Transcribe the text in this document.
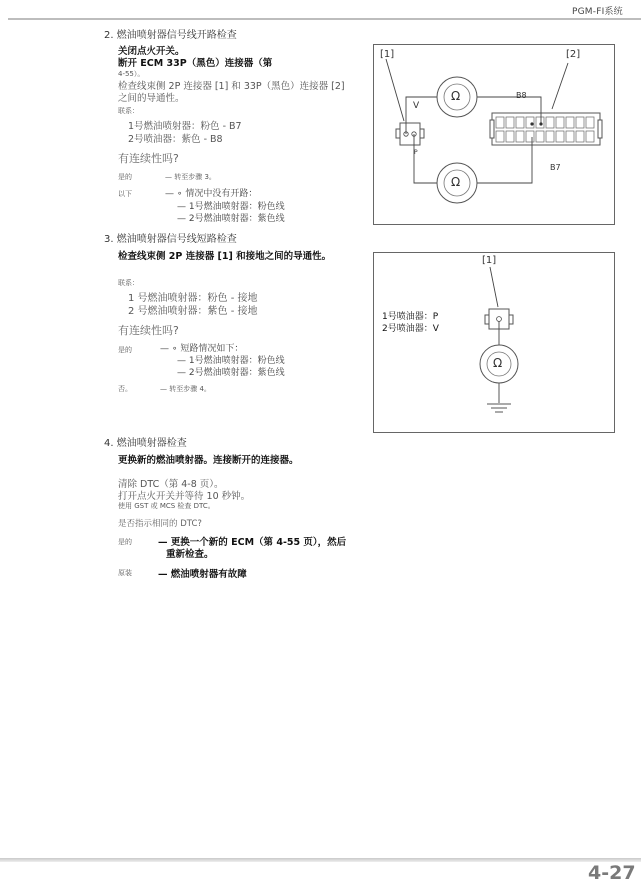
PGM-FI系统
2. 燃油喷射器信号线开路检查
关闭点火开关。
断开 ECM 33P（黑色）连接器（第
4-55）。
检查线束侧 2P 连接器 [1] 和 33P（黑色）连接器 [2]
之间的导通性。
联系：
1号燃油喷射器：粉色 - B7
2号喷油器：紫色 - B8
有连续性吗?
是的	— 转至步骤 3。
以下	— ∘ 情况中没有开路：
— 1号燃油喷射器：粉色线
— 2号燃油喷射器：紫色线
[1]	[2]
V
B8
B7
P
Ω
Ω
3. 燃油喷射器信号线短路检查
检查线束侧 2P 连接器 [1] 和接地之间的导通性。
联系：
1 号燃油喷射器：粉色 - 接地
2 号燃油喷射器：紫色 - 接地
有连续性吗?
是的	— ∘ 短路情况如下：
— 1号燃油喷射器：粉色线
— 2号燃油喷射器：紫色线
否。	— 转至步骤 4。
[1]
1号喷油器：P
2号喷油器：V
Ω
4. 燃油喷射器检查
更换新的燃油喷射器。连接断开的连接器。
清除 DTC（第 4-8 页）。
打开点火开关并等待 10 秒钟。
使用 GST 或 MCS 检查 DTC。
是否指示相同的 DTC?
是的	— 更换一个新的 ECM（第 4-55 页），然后
重新检查。
原装	— 燃油喷射器有故障
4-27
